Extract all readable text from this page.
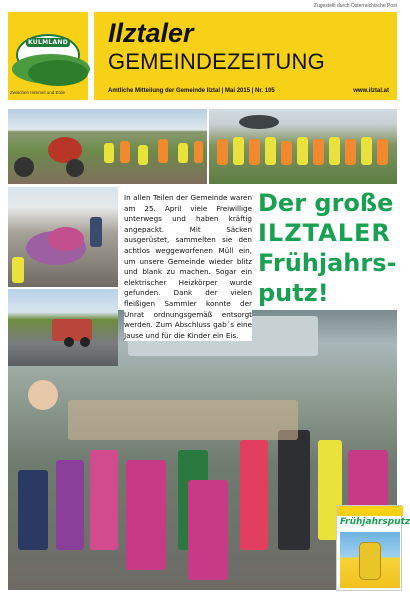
Zugestellt durch Österreichische Post
KULMLAND
Zwischen Himmel und Erde
Ilztaler
GEMEINDEZEITUNG
Amtliche Mitteilung der Gemeinde Ilztal | Mai 2015 | Nr. 105	www.ilztal.at
In allen Teilen der Gemeinde waren am 25. April viele Freiwillige unterwegs und haben kräftig angepackt. Mit Säcken ausgerüstet, sammelten sie den achtlos weggeworfenen Müll ein, um unsere Gemeinde wieder blitz und blank zu machen. Sogar ein elektrischer Heizkörper wurde gefunden. Dank der vielen fleißigen Sammler konnte der Unrat ordnungsgemäß entsorgt werden. Zum Abschluss gab´s eine Jause und für die Kinder ein Eis.
Der große
ILZTALER
Frühjahrs-
putz!
Frühjahrsputz
